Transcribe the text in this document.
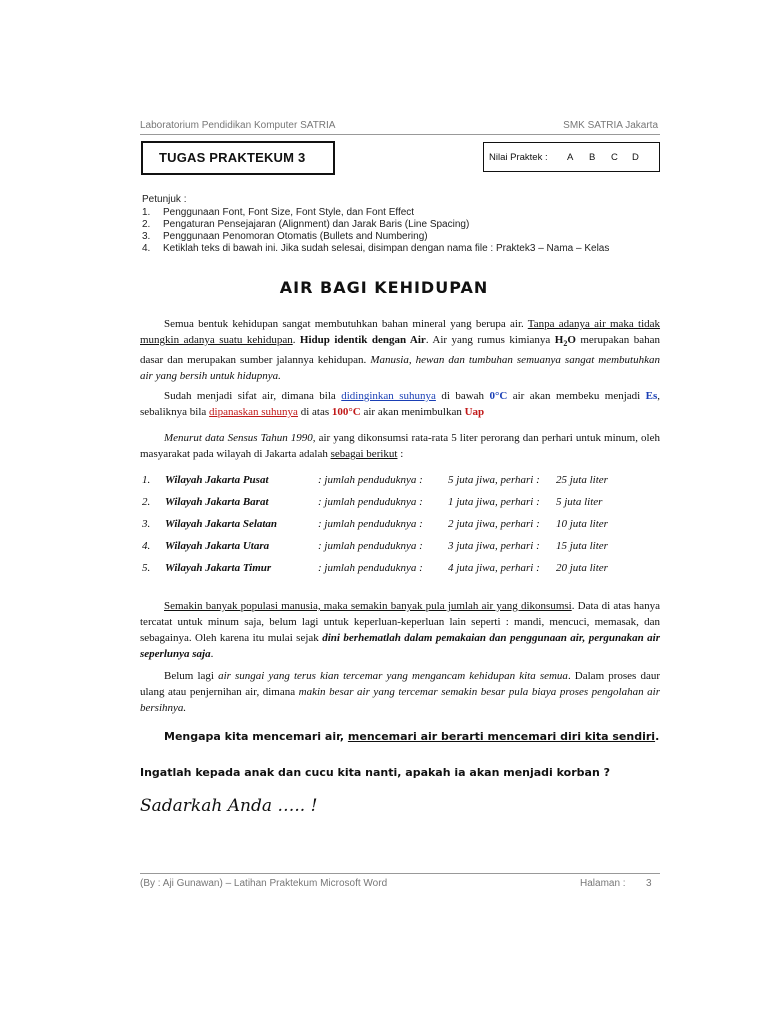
Laboratorium Pendidikan Komputer SATRIA	SMK SATRIA Jakarta
TUGAS PRAKTEKUM 3	Nilai Praktek : A B C D
Petunjuk :
1. Penggunaan Font, Font Size, Font Style, dan Font Effect
2. Pengaturan Pensejajaran (Alignment) dan Jarak Baris (Line Spacing)
3. Penggunaan Penomoran Otomatis (Bullets and Numbering)
4. Ketiklah teks di bawah ini. Jika sudah selesai, disimpan dengan nama file : Praktek3 – Nama – Kelas
AIR BAGI KEHIDUPAN

Semua bentuk kehidupan sangat membutuhkan bahan mineral yang berupa air. Tanpa adanya air maka tidak mungkin adanya suatu kehidupan. Hidup identik dengan Air. Air yang rumus kimianya $H_2O$ merupakan bahan dasar dan merupakan sumber jalannya kehidupan. Manusia, hewan dan tumbuhan semuanya sangat membutuhkan air yang bersih untuk hidupnya.

Sudah menjadi sifat air, dimana bila didinginkan suhunya di bawah 0°C air akan membeku menjadi Es, sebaliknya bila dipanaskan suhunya di atas 100°C air akan menimbulkan Uap

Menurut data Sensus Tahun 1990, air yang dikonsumsi rata-rata 5 liter perorang dan perhari untuk minum, oleh masyarakat pada wilayah di Jakarta adalah sebagai berikut :

1. Wilayah Jakarta Pusat	: jumlah penduduknya : 5 juta jiwa, perhari : 25 juta liter
2. Wilayah Jakarta Barat	: jumlah penduduknya : 1 juta jiwa, perhari : 5 juta liter
3. Wilayah Jakarta Selatan	: jumlah penduduknya : 2 juta jiwa, perhari : 10 juta liter
4. Wilayah Jakarta Utara	: jumlah penduduknya : 3 juta jiwa, perhari : 15 juta liter
5. Wilayah Jakarta Timur	: jumlah penduduknya : 4 juta jiwa, perhari : 20 juta liter

Semakin banyak populasi manusia, maka semakin banyak pula jumlah air yang dikonsumsi. Data di atas hanya tercatat untuk minum saja, belum lagi untuk keperluan-keperluan lain seperti : mandi, mencuci, memasak, dan sebagainya. Oleh karena itu mulai sejak dini berhematlah dalam pemakaian dan penggunaan air, pergunakan air seperlunya saja.

Belum lagi air sungai yang terus kian tercemar yang mengancam kehidupan kita semua. Dalam proses daur ulang atau penjernihan air, dimana makin besar air yang tercemar semakin besar pula biaya proses pengolahan air bersihnya.

Mengapa kita mencemari air, mencemari air berarti mencemari diri kita sendiri.
Ingatlah kepada anak dan cucu kita nanti, apakah ia akan menjadi korban ?
Sadarkah Anda ….. !
(By : Aji Gunawan) – Latihan Praktekum Microsoft Word	Halaman : 3
